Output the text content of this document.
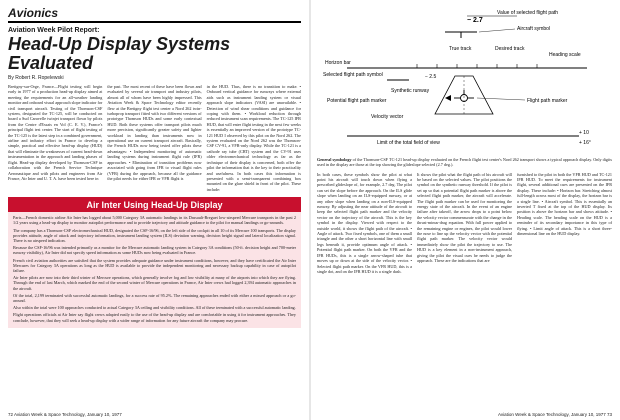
Avionics
Aviation Week Pilot Report:
Head-Up Display Systems Evaluated
By Robert R. Ropelewski
Bretigny-sur-Orge, France—Flight testing will begin early in 1977 of a production head-up display aimed at meeting the requirements for an all-weather landing monitor and onboard visual approach slope indicator for civil transport aircraft. Testing of the Thomson-CSF system, designated the TC-125, will be conducted on board a Sud Caravelle twinjet transport flown by pilots from the Centre d'Essais en Vol (C. E. V.), France's principal flight test center. The start of flight testing of the TC-125 is the latest step in a combined government, airline and industry effort in France to develop a simple, practical and effective head-up display (HUD) that will eliminate the weaknesses of current head-down instrumentation in the approach and landing phases of flight. Head-up display developed by Thomson-CSF in collaboration with the French Service Technique Aeronautique and with pilots and engineers from Air France, Air Inter and U. T. A. have been tested here in
the past. The most recent of these have been flown and evaluated by several air transport and industry pilots, almost all of whom have been highly impressed. This Aviation Week & Space Technology editor recently flew at the Bretigny flight test center a Nord 262 twin-turboprop transport fitted with two different versions of prototype Thomson HUDs and some early contextual HUD. Both these systems offer transport pilots much more precision, significantly greater safety and lighter workload in landing than instruments now in operational use on current transport aircraft. Basically, the French HUDs now being tested offer pilots these advantages: • Independent monitoring of automatic landing systems during instrument flight rule (IFR) approaches. • Elimination of transition problems now associated with going from IFR to visual flight rules (VFR) during the approach, because all the guidance the pilot needs for either IFR or VFR flight is
in the HUD. Thus, there is no transition to make. • Onboard vertical guidance for runways where external aids such as instrument landing system or visual approach slope indicators (VASI) are unavailable. • Detection of wind shear conditions and guidance for coping with them. • Workload reduction through reduced instrument scan requirements. The TC-125 IFR HUD, that will enter flight testing in the next few weeks is essentially an improved version of the prototype TC-121 HUD I observed by this pilot on the Nord 262. The system evaluated on the Nord 262 was the Thomson-CSF CV-91, a VFR-only display. While the TC-121 is a cathode ray tube (CRT) system and the CV-91 uses older electromechanical technology as far as the technique of their display is concerned, both offer the pilot the information that is the key to their practicality and usefulness. In both cases this information is presented with a semi-transparent combining box mounted on the glare shield in front of the pilot. These include:
Air Inter Using Head-Up Display

Paris—French domestic airline Air Inter has logged about 5,000 Category 3A automatic landings in its Dassault-Breguet low-airspeed Mercure transports in the past 2 1/2 years using a head-up display to monitor autopilot performance and to provide trajectory and attitude guidance to the pilot for manual landings or go-arounds.

The company has a Thomson-CSF electromechanical HUD, designated the CSF-16/96, on the left side of the cockpit in all 10 of its Mercure 100 transports. The display provides attitude, angle of attack and trajectory information, instrument landing system (ILS) deviation warning, decision height signal and lateral localization signal. There is no airspeed indication.

Because the CSF-16/96 was intended primarily as a monitor for the Mercure automatic landing system in Category 3A conditions (50-ft. decision height and 700-meter runway visibility), Air Inter did not specify speed information as some HUDs now being evaluated in France.

French civil aviation authorities are satisfied that the system provides adequate guidance under instrument conditions, however, and they have certificated the Air Inter Mercures for Category 3A operations as long as the HUD is available to provide the independent monitoring and necessary backup capability in case of autopilot failure.

Air Inter pilots are now into their third winter of Mercure operations, which generally involve fog and low visibility at many of the airports into which they are flying. Through the end of last March, which marked the end of the second winter of Mercure operations in France, Air Inter crews had logged 2,394 automatic approaches in the aircraft.

Of the total, 2,199 terminated with successful automatic landings, for a success rate of 95.2%. The remaining approaches ended with either a missed approach or a go-around.

Also within the total were 100 approaches conducted to actual Category 3A ceiling and visibility conditions. All of these terminated with a successful automatic landing.

Flight operations officials at Air Inter say flight crews adapted easily to the use of the head-up display and are comfortable in using it for instrument approaches. They conclude, however, that they will seek a head-up display with a wider range of information for any future aircraft the company may procure.

72 Aviation Week & Space Technology, January 10, 1977
Value of selected flight path
− 2.7
Aircraft symbol
Horizon bar
True track	Desired track
Heading scale
Selected flight path symbol	− 2.5
Synthetic runway
Potential flight path marker
Velocity vector
Flight path marker
Limit of the total field of view
+ 10
+ 16°
General symbology of the Thomson-CSF TC-121 head-up display evaluated on the French flight test center's Nord 262 transport shows a typical approach display. Only digits used in the display are those at the top showing the glideslope selected (2.7 deg.).
In both cases, these symbols show the pilot at what point his aircraft will touch down when flying a prescribed glideslope of, for example, 2.7 deg. The pilot can set the slope before the approach. On the ILS glide slope when landing on an ILS-equipped runway, or at any other slope when landing on a non-ILS-equipped runway. By adjusting the near attitude of the aircraft to keep the selected flight path marker and the velocity vector on the trajectory of the aircraft. This is the key symbol in the display. Viewed with respect to the outside world, it shows the flight path of the aircraft. • Angle of attack. Two fixed symbols, one of them a small triangle and the other a short horizontal line with small legs beneath it, provide optimum angle of attack. • Potential flight path marker. On both the VFR and the IFR HUDs, this is a single arrow-shaped tube that moves up or down at the side of the velocity vector. • Selected flight path marker. On the VFR HUD, this is a single dot, and on the IFR HUD it is a single dash.
It shows the pilot what the flight path of his aircraft will be based on the selected values. The pilot positions the symbol on the synthetic runway threshold. If the pilot is set up so that a potential flight path marker is above the selected flight path marker, the aircraft will accelerate. The flight path marker can be used for monitoring the energy state of the aircraft. In the event of an engine failure after takeoff, the arrow drops to a point below the velocity vector commensurate with the change in the thrust-minus-drag equation. With full power applied to the remaining engine or engines, the pilot would lower the nose to line up the velocity vector with the potential flight path marker. The velocity vector would immediately show the pilot the trajectory to use. The HUD is a key element in a non-instrument approach, giving the pilot the visual cues he needs to judge the approach. These are the indications that are
furnished to the pilot in both the VFR HUD and TC-121 IFR HUD. To meet the requirements for instrument flight, several additional cues are presented on the IFR display. These include: • Horizon bar. Stretching almost full-length across most of the display, the horizon bar is a single line. • Aircraft symbol. This is essentially an inverted T fixed at the top of the HUD display. Its position is above the horizon bar and shows attitude. • Heading scale. The heading scale on the HUD is a reminder of its secondary importance in this type of flying. • Limit angle of attack. This is a short three-dimensional line on the HUD display.
Aviation Week & Space Technology, January 10, 1977 73
